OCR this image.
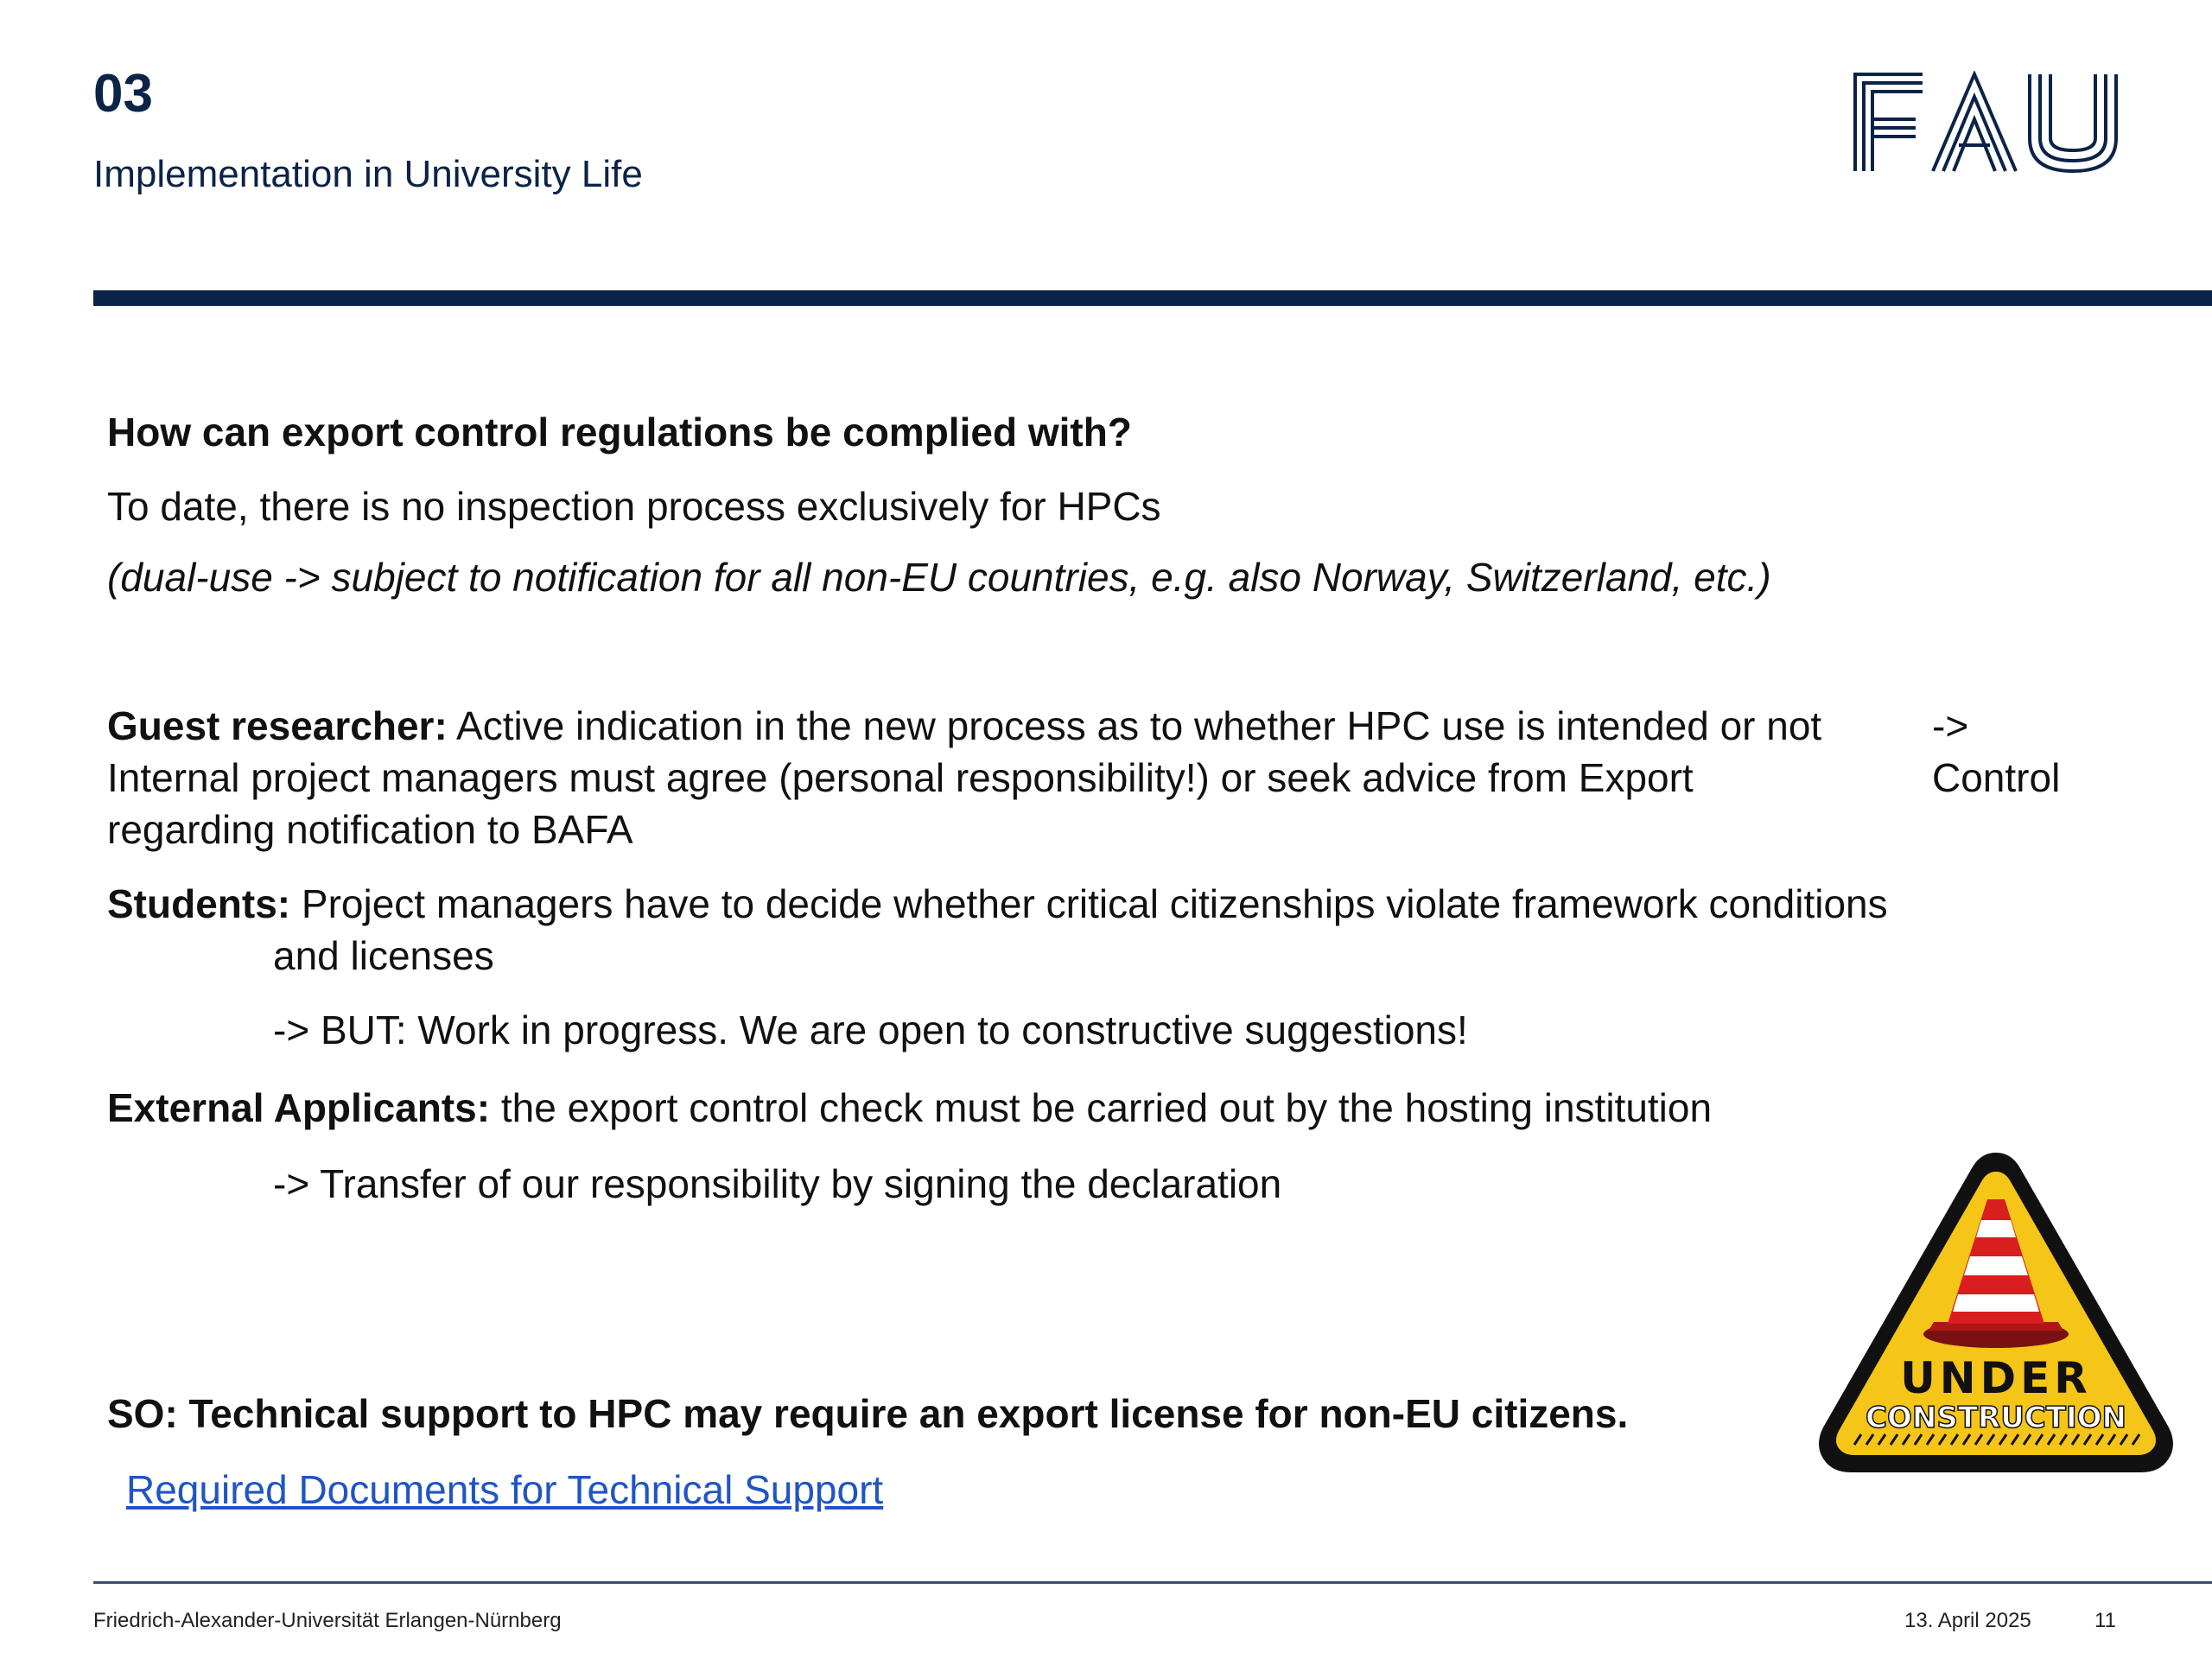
03
Implementation in University Life
How can export control regulations be complied with?
To date, there is no inspection process exclusively for HPCs
(dual-use -> subject to notification for all non-EU countries, e.g. also Norway, Switzerland, etc.)
Guest researcher: Active indication in the new process as to whether HPC use is intended or not
Internal project managers must agree (personal responsibility!) or seek advice from Export
regarding notification to BAFA
->
Control
Students: Project managers have to decide whether critical citizenships violate framework conditions
and licenses
-> BUT: Work in progress. We are open to constructive suggestions!
External Applicants: the export control check must be carried out by the hosting institution
-> Transfer of our responsibility by signing the declaration
SO: Technical support to HPC may require an export license for non-EU citizens.
Required Documents for Technical Support
UNDER
CONSTRUCTION
Friedrich-Alexander-Universität Erlangen-Nürnberg	13. April 2025	11
